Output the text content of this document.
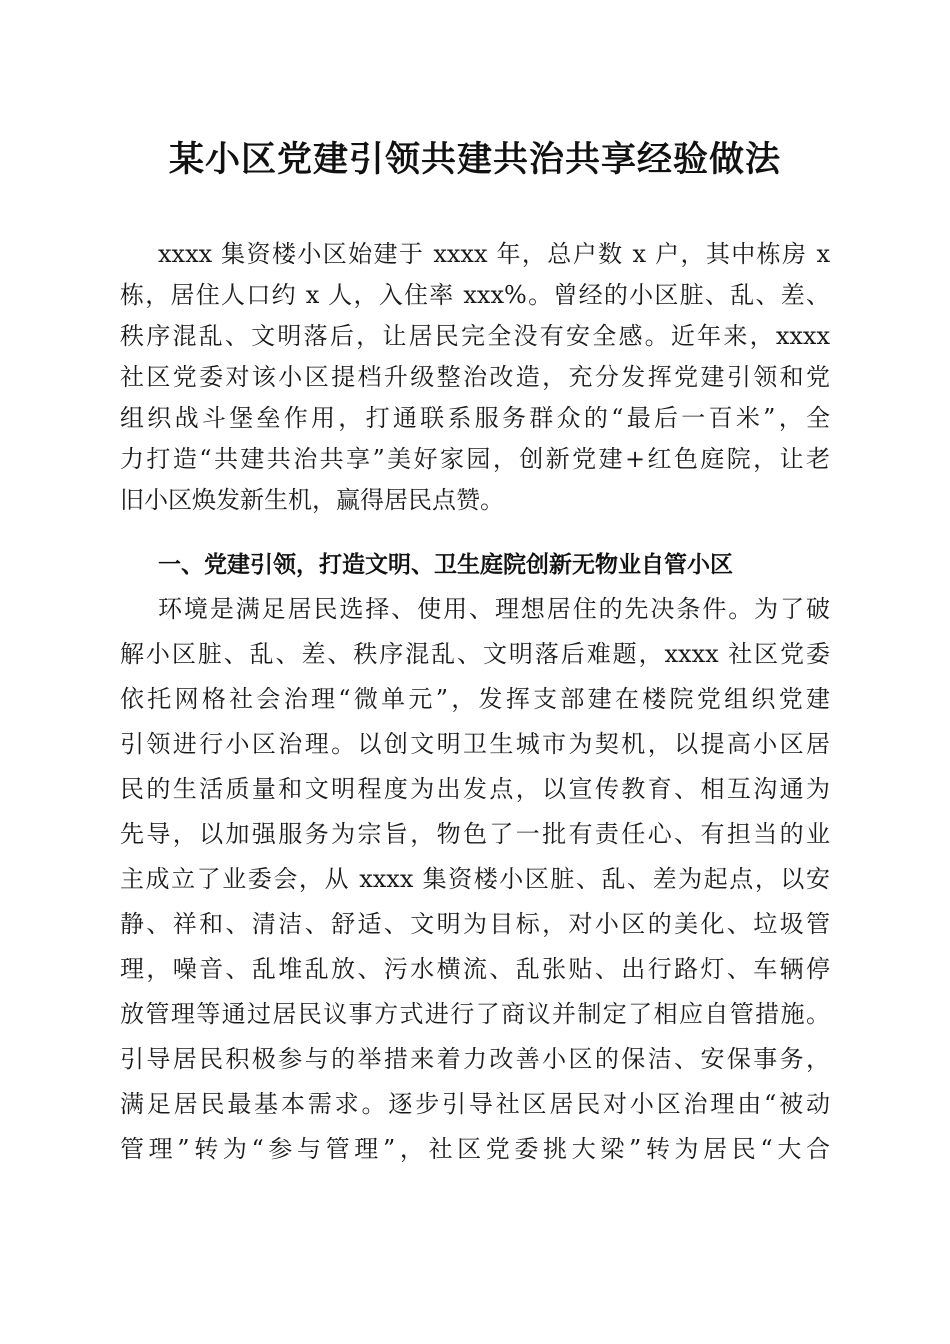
某小区党建引领共建共治共享经验做法
xxxx 集资楼小区始建于 xxxx 年，总户数 x 户，其中栋房 x
栋，居住人口约 x 人，入住率 xxx%。曾经的小区脏、乱、差、
秩序混乱、文明落后，让居民完全没有安全感。近年来，xxxx
社区党委对该小区提档升级整治改造，充分发挥党建引领和党
组织战斗堡垒作用，打通联系服务群众的“最后一百米”，全
力打造“共建共治共享”美好家园，创新党建+红色庭院，让老
旧小区焕发新生机，赢得居民点赞。
一、党建引领，打造文明、卫生庭院创新无物业自管小区
环境是满足居民选择、使用、理想居住的先决条件。为了破
解小区脏、乱、差、秩序混乱、文明落后难题，xxxx 社区党委
依托网格社会治理“微单元”，发挥支部建在楼院党组织党建
引领进行小区治理。以创文明卫生城市为契机，以提高小区居
民的生活质量和文明程度为出发点，以宣传教育、相互沟通为
先导，以加强服务为宗旨，物色了一批有责任心、有担当的业
主成立了业委会，从 xxxx 集资楼小区脏、乱、差为起点，以安
静、祥和、清洁、舒适、文明为目标，对小区的美化、垃圾管
理，噪音、乱堆乱放、污水横流、乱张贴、出行路灯、车辆停
放管理等通过居民议事方式进行了商议并制定了相应自管措施。
引导居民积极参与的举措来着力改善小区的保洁、安保事务，
满足居民最基本需求。逐步引导社区居民对小区治理由“被动
管理”转为“参与管理”，社区党委挑大梁”转为居民“大合
